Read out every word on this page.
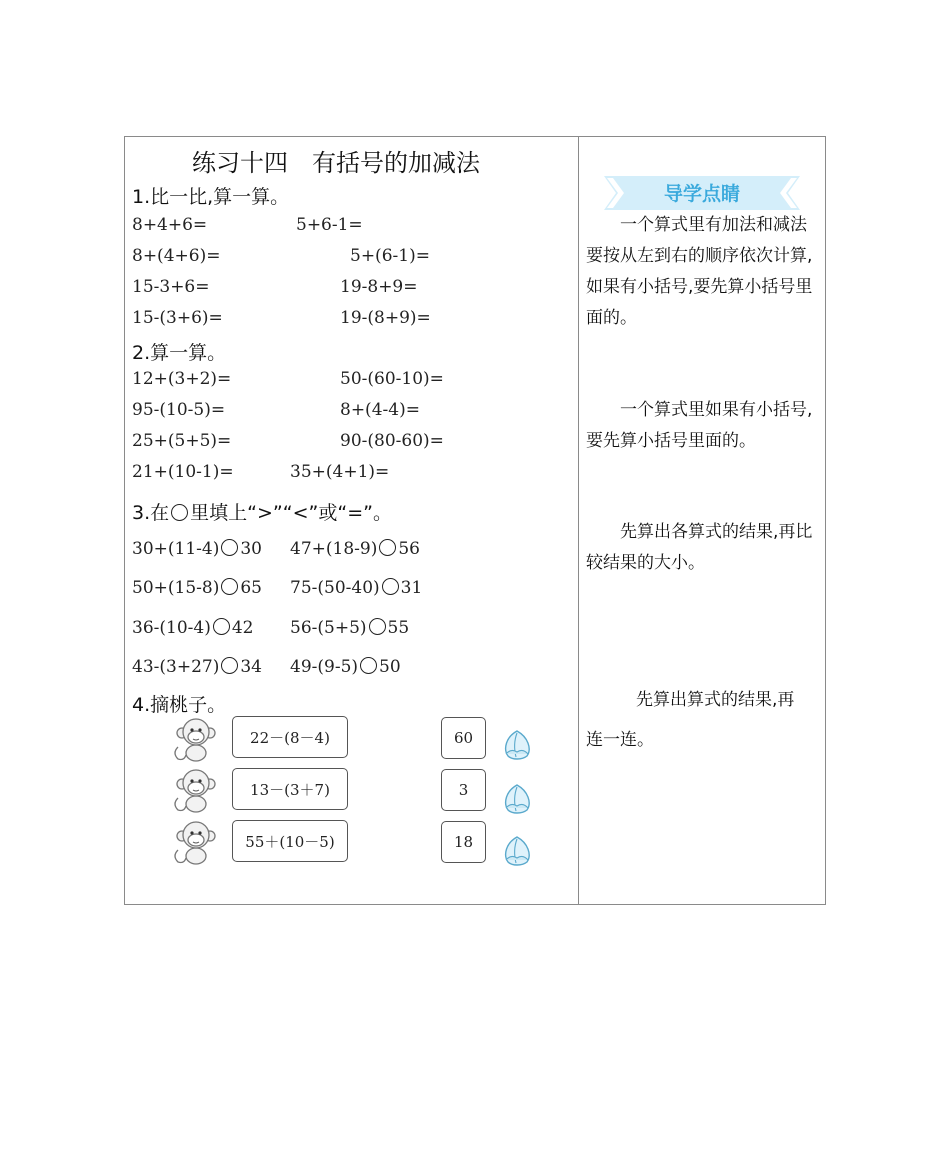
练习十四　有括号的加减法
1.比一比,算一算。
8+4+6=	5+6-1=
8+(4+6)=	5+(6-1)=
15-3+6=	19-8+9=
15-(3+6)=	19-(8+9)=
2.算一算。
12+(3+2)=	50-(60-10)=
95-(10-5)=	8+(4-4)=
25+(5+5)=	90-(80-60)=
21+(10-1)=	35+(4+1)=
3.在 里填上“>”“<”或“=”。
30+(11-4) 30 47+(18-9) 56
50+(15-8) 65 75-(50-40) 31
36-(10-4) 42 56-(5+5) 55
43-(3+27) 34 49-(9-5) 50
4.摘桃子。
22－(8－4)
13－(3＋7)
55＋(10－5)
60
3
18
导学点睛
一个算式里有加法和减法要按从左到右的顺序依次计算,如果有小括号,要先算小括号里面的。
一个算式里如果有小括号,要先算小括号里面的。
先算出各算式的结果,再比较结果的大小。
先算出算式的结果,再连一连。
